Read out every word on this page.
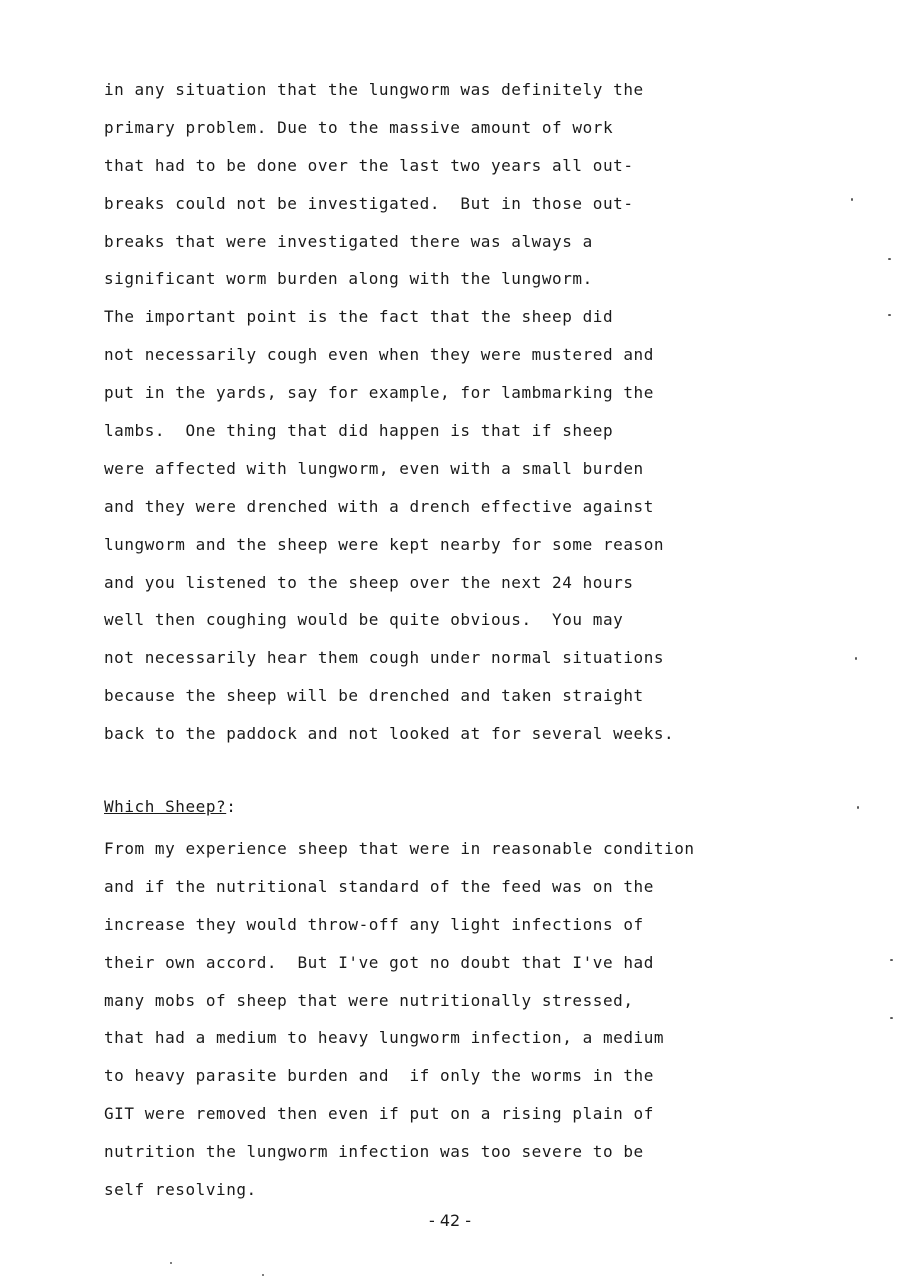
in any situation that the lungworm was definitely the
primary problem. Due to the massive amount of work
that had to be done over the last two years all out-
breaks could not be investigated.  But in those out-
breaks that were investigated there was always a
significant worm burden along with the lungworm.
The important point is the fact that the sheep did
not necessarily cough even when they were mustered and
put in the yards, say for example, for lambmarking the
lambs.  One thing that did happen is that if sheep
were affected with lungworm, even with a small burden
and they were drenched with a drench effective against
lungworm and the sheep were kept nearby for some reason
and you listened to the sheep over the next 24 hours
well then coughing would be quite obvious.  You may
not necessarily hear them cough under normal situations
because the sheep will be drenched and taken straight
back to the paddock and not looked at for several weeks.
Which Sheep?:
From my experience sheep that were in reasonable condition
and if the nutritional standard of the feed was on the
increase they would throw-off any light infections of
their own accord.  But I've got no doubt that I've had
many mobs of sheep that were nutritionally stressed,
that had a medium to heavy lungworm infection, a medium
to heavy parasite burden and  if only the worms in the
GIT were removed then even if put on a rising plain of
nutrition the lungworm infection was too severe to be
self resolving.
- 42 -
